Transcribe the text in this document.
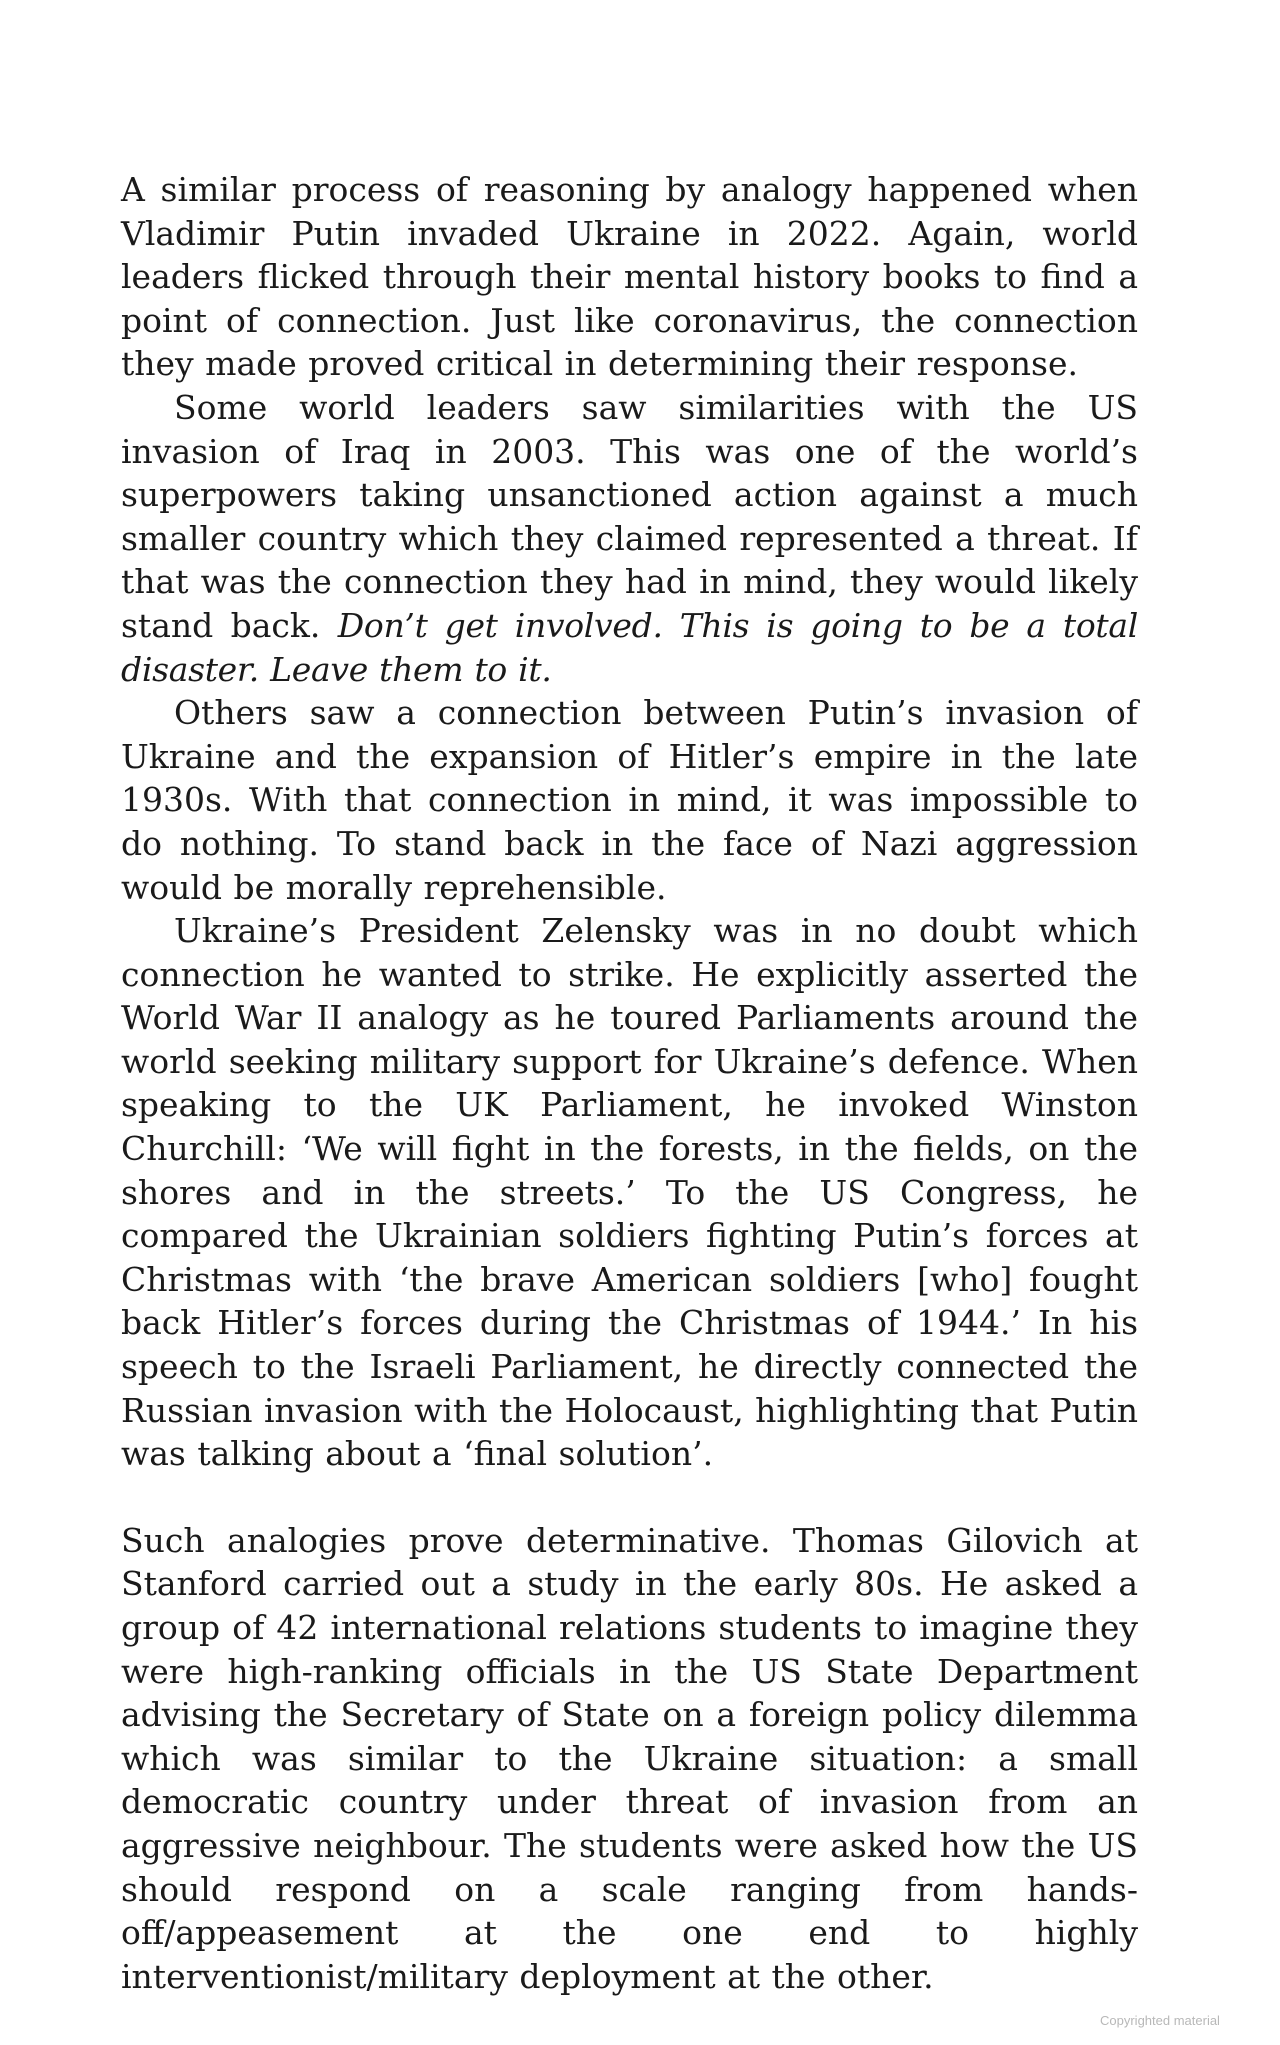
A similar process of reasoning by analogy happened when Vladimir Putin invaded Ukraine in 2022. Again, world leaders flicked through their mental history books to find a point of connection. Just like coronavirus, the connection they made proved critical in determining their response.

Some world leaders saw similarities with the US invasion of Iraq in 2003. This was one of the world’s superpowers taking unsanctioned action against a much smaller country which they claimed represented a threat. If that was the connection they had in mind, they would likely stand back. Don’t get involved. This is going to be a total disaster. Leave them to it.

Others saw a connection between Putin’s invasion of Ukraine and the expansion of Hitler’s empire in the late 1930s. With that connection in mind, it was impossible to do nothing. To stand back in the face of Nazi aggression would be morally reprehensible.

Ukraine’s President Zelensky was in no doubt which connection he wanted to strike. He explicitly asserted the World War II analogy as he toured Parliaments around the world seeking military support for Ukraine’s defence. When speaking to the UK Parliament, he invoked Winston Churchill: ‘We will fight in the forests, in the fields, on the shores and in the streets.’ To the US Congress, he compared the Ukrainian soldiers fighting Putin’s forces at Christmas with ‘the brave American soldiers [who] fought back Hitler’s forces during the Christmas of 1944.’ In his speech to the Israeli Parliament, he directly connected the Russian invasion with the Holocaust, highlighting that Putin was talking about a ‘final solution’.

Such analogies prove determinative. Thomas Gilovich at Stanford carried out a study in the early 80s. He asked a group of 42 international relations students to imagine they were high-ranking officials in the US State Department advising the Secretary of State on a foreign policy dilemma which was similar to the Ukraine situation: a small democratic country under threat of invasion from an aggressive neighbour. The students were asked how the US should respond on a scale ranging from hands-off/appeasement at the one end to highly interventionist/military deployment at the other.

Copyrighted material
